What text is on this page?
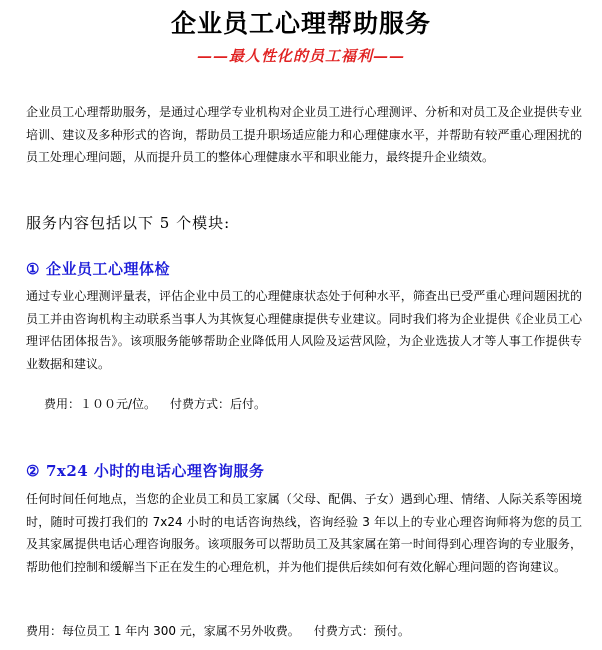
企业员工心理帮助服务
——最人性化的员工福利——

企业员工心理帮助服务，是通过心理学专业机构对企业员工进行心理测评、分析和对员工及企业提供专业培训、建议及多种形式的咨询，帮助员工提升职场适应能力和心理健康水平，并帮助有较严重心理困扰的员工处理心理问题，从而提升员工的整体心理健康水平和职业能力，最终提升企业绩效。

服务内容包括以下 5 个模块:
① 企业员工心理体检

通过专业心理测评量表，评估企业中员工的心理健康状态处于何种水平，筛查出已受严重心理问题困扰的员工并由咨询机构主动联系当事人为其恢复心理健康提供专业建议。同时我们将为企业提供《企业员工心理评估团体报告》。该项服务能够帮助企业降低用人风险及运营风险，为企业选拔人才等人事工作提供专业数据和建议。

费用：１００元/位。 付费方式：后付。
② 7x24 小时的电话心理咨询服务

任何时间任何地点，当您的企业员工和员工家属（父母、配偶、子女）遇到心理、情绪、人际关系等困境时，随时可拨打我们的 7x24 小时的电话咨询热线，咨询经验 3 年以上的专业心理咨询师将为您的员工及其家属提供电话心理咨询服务。该项服务可以帮助员工及其家属在第一时间得到心理咨询的专业服务，帮助他们控制和缓解当下正在发生的心理危机，并为他们提供后续如何有效化解心理问题的咨询建议。

费用：每位员工 1 年内 300 元，家属不另外收费。 付费方式：预付。
